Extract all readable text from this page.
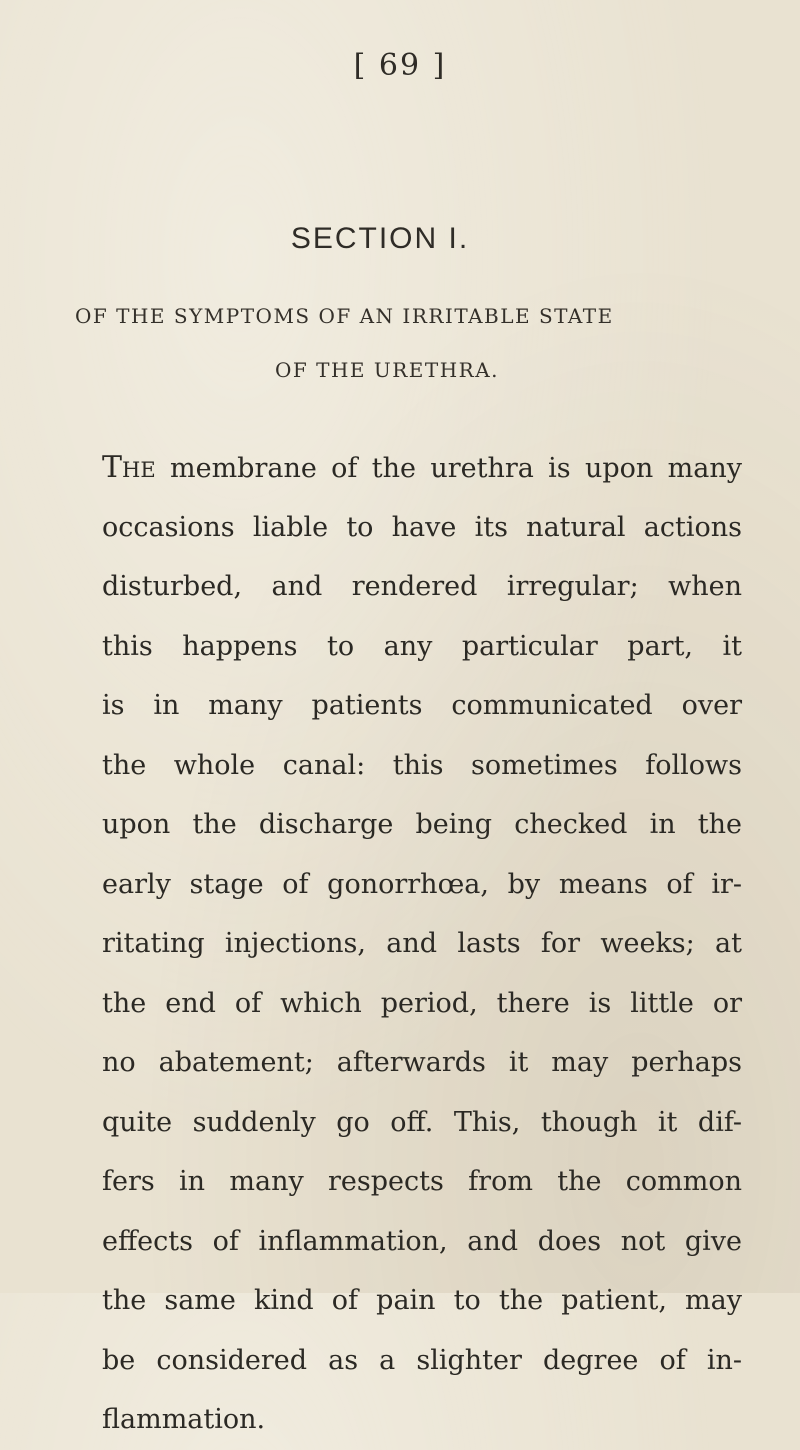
[ 69 ]
SECTION I.
OF THE SYMPTOMS OF AN IRRITABLE STATE
OF THE URETHRA.
The membrane of the urethra is upon many
occasions liable to have its natural actions
disturbed, and rendered irregular; when
this happens to any particular part, it
is in many patients communicated over
the whole canal: this sometimes follows
upon the discharge being checked in the
early stage of gonorrhœa, by means of ir-
ritating injections, and lasts for weeks; at
the end of which period, there is little or
no abatement; afterwards it may perhaps
quite suddenly go off. This, though it dif-
fers in many respects from the common
effects of inflammation, and does not give
the same kind of pain to the patient, may
be considered as a slighter degree of in-
flammation.
